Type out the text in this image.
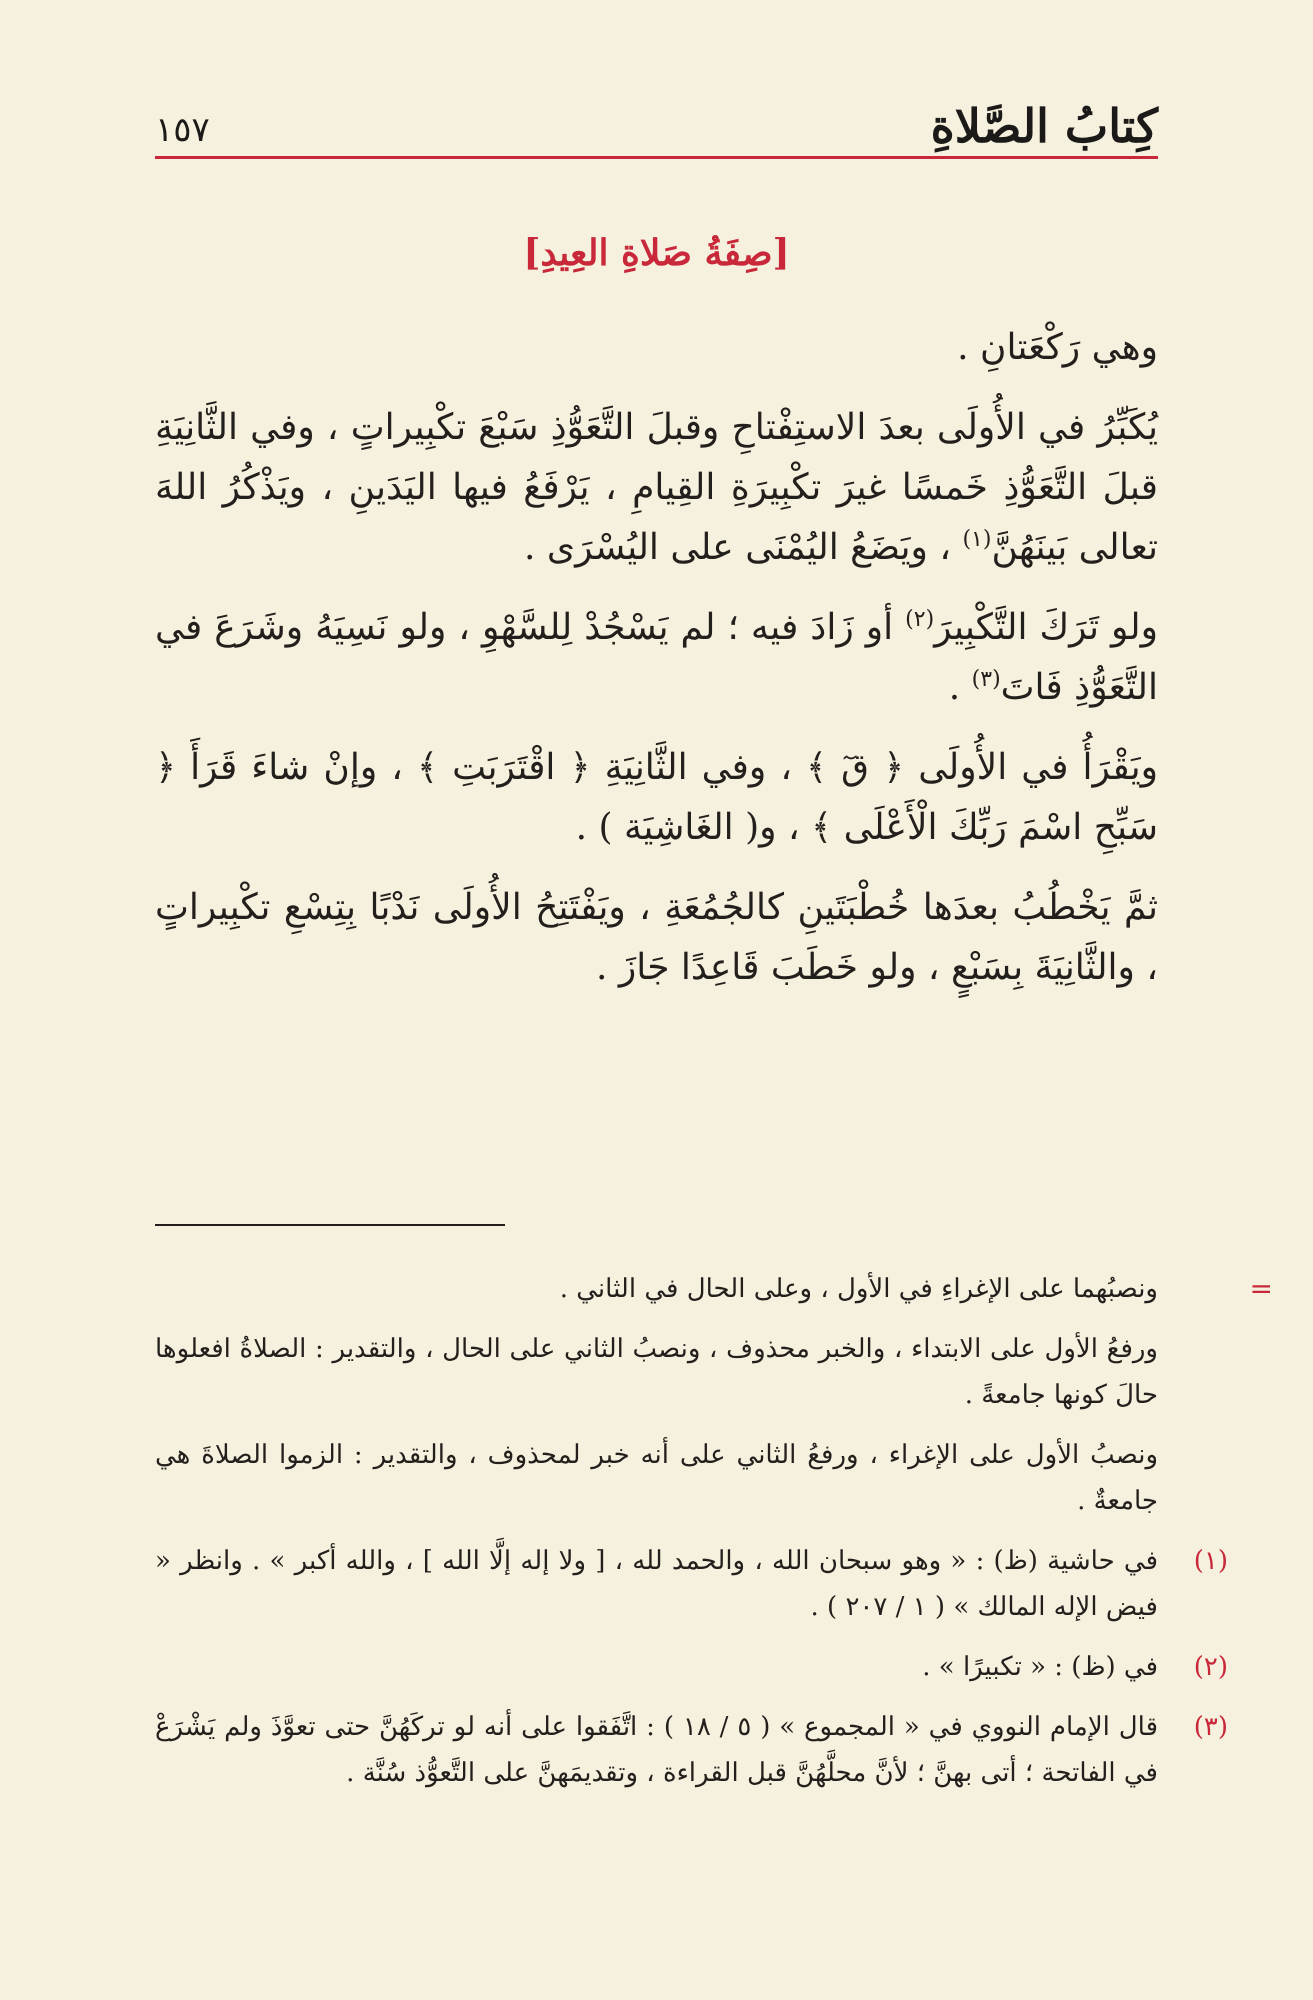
كِتابُ الصَّلاةِ
١٥٧
[صِفَةُ صَلاةِ العِيدِ]

وهي رَكْعَتانِ .

يُكَبِّرُ في الأُولَى بعدَ الاستِفْتاحِ وقبلَ التَّعَوُّذِ سَبْعَ تكْبِيراتٍ ، وفي الثَّانِيَةِ قبلَ التَّعَوُّذِ خَمسًا غيرَ تكْبِيرَةِ القِيامِ ، يَرْفَعُ فيها اليَدَينِ ، ويَذْكُرُ اللهَ تعالى بَينَهُنَّ$^{(١)}$ ، ويَضَعُ اليُمْنَى على اليُسْرَى .

ولو تَرَكَ التَّكْبِيرَ$^{(٢)}$ أو زَادَ فيه ؛ لم يَسْجُدْ لِلسَّهْوِ ، ولو نَسِيَهُ وشَرَعَ في التَّعَوُّذِ فَاتَ$^{(٣)}$ .

ويَقْرَأُ في الأُولَى ﴿ قٓ ﴾ ، وفي الثَّانِيَةِ ﴿ اقْتَرَبَتِ ﴾ ، وإنْ شاءَ قَرَأَ ﴿ سَبِّحِ اسْمَ رَبِّكَ الْأَعْلَى ﴾ ، و( الغَاشِيَة ) .

ثمَّ يَخْطُبُ بعدَها خُطْبَتَينِ كالجُمُعَةِ ، ويَفْتَتِحُ الأُولَى نَدْبًا بِتِسْعِ تكْبِيراتٍ ، والثَّانِيَةَ بِسَبْعٍ ، ولو خَطَبَ قَاعِدًا جَازَ .

=

ونصبُهما على الإغراءِ في الأول ، وعلى الحال في الثاني .

ورفعُ الأول على الابتداء ، والخبر محذوف ، ونصبُ الثاني على الحال ، والتقدير : الصلاةُ افعلوها حالَ كونها جامعةً .

ونصبُ الأول على الإغراء ، ورفعُ الثاني على أنه خبر لمحذوف ، والتقدير : الزموا الصلاةَ هي جامعةٌ .

(١)
في حاشية (ظ) : « وهو سبحان الله ، والحمد لله ، [ ولا إله إلَّا الله ] ، والله أكبر » . وانظر « فيض الإله المالك » ( ١ / ٢٠٧ ) .
(٢)
في (ظ) : « تكبيرًا » .
(٣)
قال الإمام النووي في « المجموع » ( ٥ / ١٨ ) : اتَّفَقوا على أنه لو تركَهُنَّ حتى تعوَّذَ ولم يَشْرَعْ في الفاتحة ؛ أتى بهنَّ ؛ لأنَّ محلَّهُنَّ قبل القراءة ، وتقديمَهنَّ على التَّعوُّذ سُنَّة .
